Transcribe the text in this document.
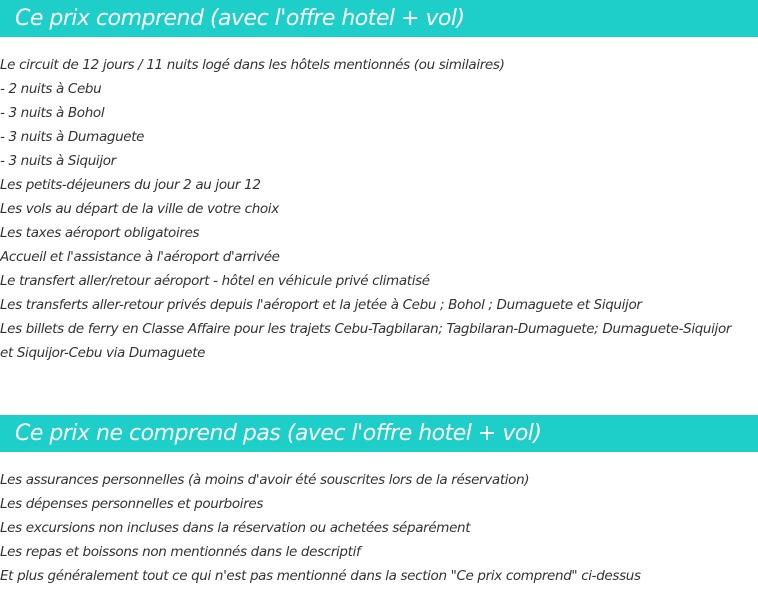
Ce prix comprend (avec l'offre hotel + vol)
Le circuit de 12 jours / 11 nuits logé dans les hôtels mentionnés (ou similaires)
- 2 nuits à Cebu
- 3 nuits à Bohol
- 3 nuits à Dumaguete
- 3 nuits à Siquijor
Les petits-déjeuners du jour 2 au jour 12
Les vols au départ de la ville de votre choix
Les taxes aéroport obligatoires
Accueil et l'assistance à l'aéroport d'arrivée
Le transfert aller/retour aéroport - hôtel en véhicule privé climatisé
Les transferts aller-retour privés depuis l'aéroport et la jetée à Cebu ; Bohol ; Dumaguete et Siquijor
Les billets de ferry en Classe Affaire pour les trajets Cebu-Tagbilaran; Tagbilaran-Dumaguete; Dumaguete-Siquijor et Siquijor-Cebu via Dumaguete
Ce prix ne comprend pas (avec l'offre hotel + vol)
Les assurances personnelles (à moins d'avoir été souscrites lors de la réservation)
Les dépenses personnelles et pourboires
Les excursions non incluses dans la réservation ou achetées séparément
Les repas et boissons non mentionnés dans le descriptif
Et plus généralement tout ce qui n'est pas mentionné dans la section "Ce prix comprend" ci-dessus
